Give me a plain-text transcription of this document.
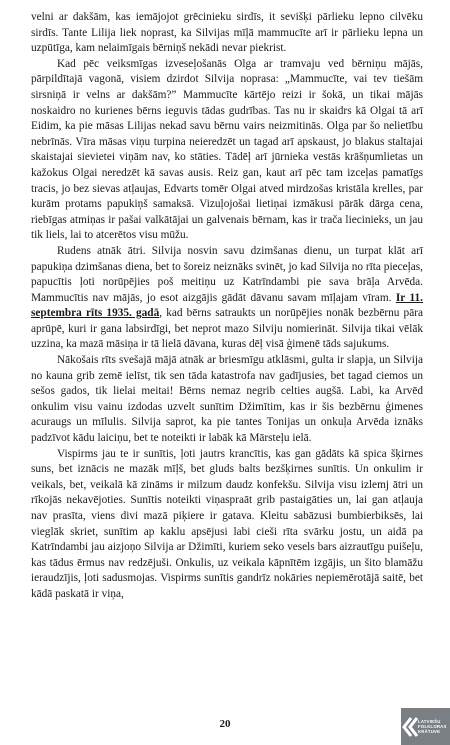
velni ar dakšām, kas iemājojot grēcinieku sirdīs, it sevišķi pārlieku lepno cilvēku sirdīs. Tante Lilija liek noprast, ka Silvijas mīļā mammucīte arī ir pārlieku lepna un uzpūtīga, kam nelaimīgais bērniņš nekādi nevar piekrist.

Kad pēc veiksmīgas izveseļošanās Olga ar tramvaju ved bērniņu mājās, pārpildītajā vagonā, visiem dzirdot Silvija noprasa: „Mammucīte, vai tev tiešām sirsniņā ir velns ar dakšām?” Mammucīte kārtējo reizi ir šokā, un tikai mājās noskaidro no kurienes bērns ieguvis tādas gudrības. Tas nu ir skaidrs kā Olgai tā arī Eidim, ka pie māsas Lilijas nekad savu bērnu vairs neizmitinās. Olga par šo nelietību nebrīnās. Vīra māsas viņu turpina neieredzēt un tagad arī apskaust, jo blakus staltajai skaistajai sievietei viņām nav, ko stāties. Tādēļ arī jūrnieka vestās krāšņumlietas un kažokus Olgai neredzēt kā savas ausis. Reiz gan, kaut arī pēc tam izceļas pamatīgs tracis, jo bez sievas atļaujas, Edvarts tomēr Olgai atved mirdzošas kristāla krelles, par kurām protams papukiņš samaksā. Vizuļojošai lietiņai izmākusi pārāk dārga cena, riebīgas atmiņas ir pašai valkātājai un galvenais bērnam, kas ir trača liecinieks, un jau tik liels, lai to atcerētos visu mūžu.

Rudens atnāk ātri. Silvija nosvin savu dzimšanas dienu, un turpat klāt arī papukiņa dzimšanas diena, bet to šoreiz neiznāks svinēt, jo kad Silvija no rīta pieceļas, papucītis ļoti norūpējies poš meitiņu uz Katrīndambi pie sava brāļa Arvēda. Mammucītis nav mājās, jo esot aizgājis gādāt dāvanu savam mīļajam vīram. Ir 11. septembra rīts 1935. gadā, kad bērns satraukts un norūpējies nonāk bezbērnu pāra aprūpē, kuri ir gana labsirdīgi, bet neprot mazo Silviju nomierināt. Silvija tikai vēlāk uzzina, ka mazā māsiņa ir tā lielā dāvana, kuras dēļ visā ģimenē tāds sajukums.

Nākošais rīts svešajā mājā atnāk ar briesmīgu atklāsmi, gulta ir slapja, un Silvija no kauna grib zemē ielīst, tik sen tāda katastrofa nav gadījusies, bet tagad ciemos un sešos gados, tik lielai meitai! Bērns nemaz negrib celties augšā. Labi, ka Arvēd onkulim visu vainu izdodas uzvelt sunītim Džimītim, kas ir šis bezbērnu ģimenes acuraugs un mīlulis. Silvija saprot, ka pie tantes Tonijas un onkuļa Arvēda iznāks padzīvot kādu laiciņu, bet te noteikti ir labāk kā Mārsteļu ielā.

Vispirms jau te ir sunītis, ļoti jautrs krancītis, kas gan gādāts kā spica šķirnes suns, bet iznācis ne mazāk mīļš, bet gluds balts bezšķirnes sunītis. Un onkulim ir veikals, bet, veikalā kā zināms ir milzum daudz konfekšu. Silvija visu izlemj ātri un rīkojās nekavējoties. Sunītis noteikti viņaspraāt grib pastaigāties un, lai gan atļauja nav prasīta, viens divi mazā piķiere ir gatava. Kleitu sabāzusi bumbierbiksēs, lai vieglāk skriet, sunītim ap kaklu apsējusi labi cieši rīta svārku jostu, un aidā pa Katrīndambi jau aizjoņo Silvija ar Džimīti, kuriem seko vesels bars aizrautīgu puišeļu, kas tādus ērmus nav redzējuši. Onkulis, uz veikala kāpnītēm izgājis, un šito blamāžu ieraudzījis, ļoti sadusmojas. Vispirms sunītis gandrīz nokāries nepiemērotājā saitē, bet kādā paskatā ir viņa,

20	LATVIEŠU
FOLKLORAS
KRĀTUVE
